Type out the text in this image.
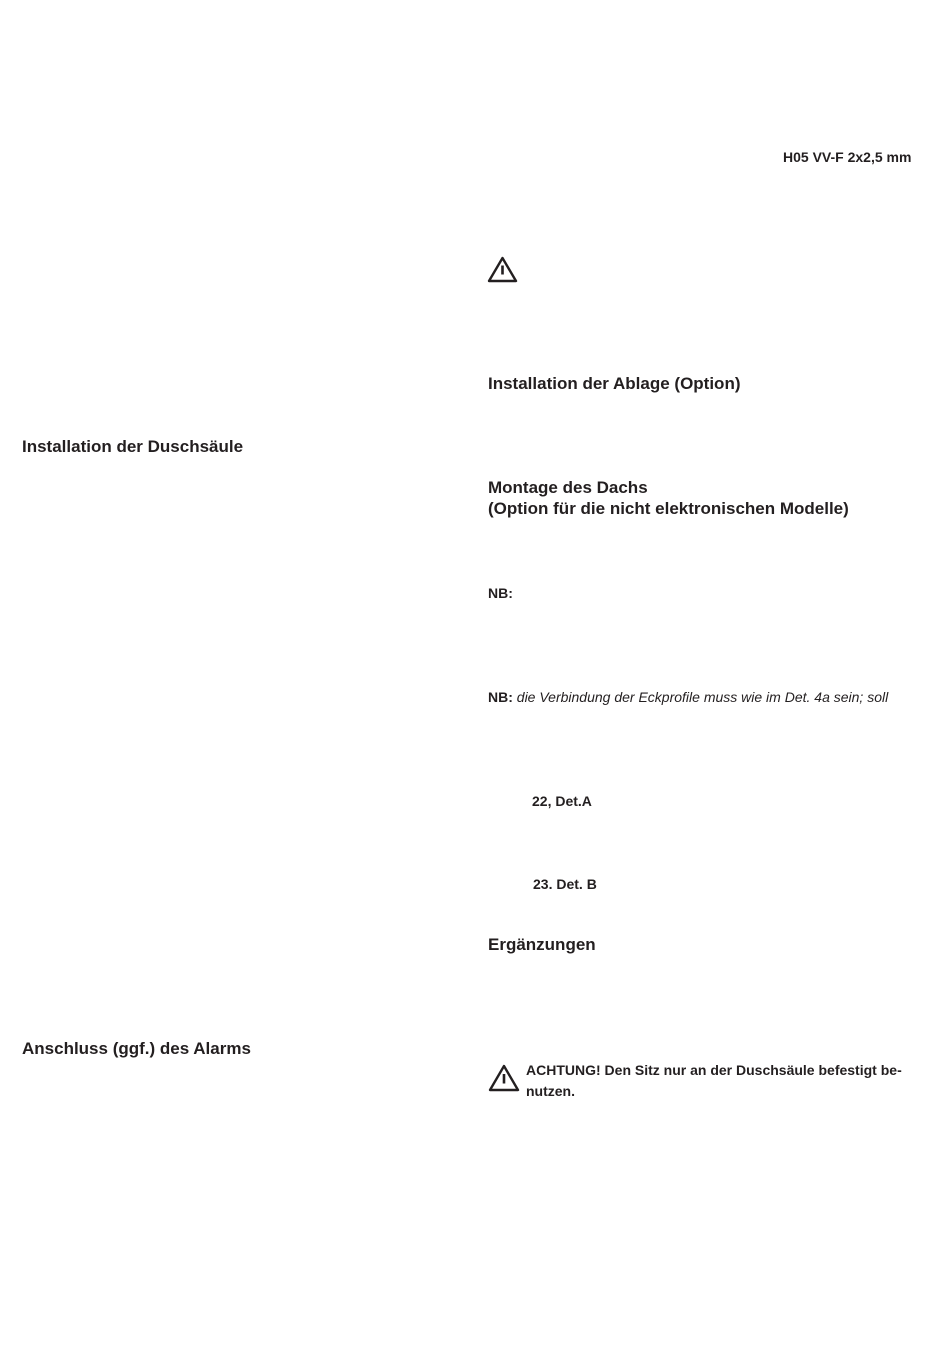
H05 VV-F 2x2,5 mm
Installation der Ablage (Option)
Montage des Dachs
(Option für die nicht elektronischen Modelle)
NB:
NB: die Verbindung der Eckprofile muss wie im Det. 4a sein; soll
22, Det.A
23. Det. B
Ergänzungen
ACHTUNG! Den Sitz nur an der Duschsäule befestigt benutzen.
Installation der Duschsäule
Anschluss (ggf.) des Alarms
